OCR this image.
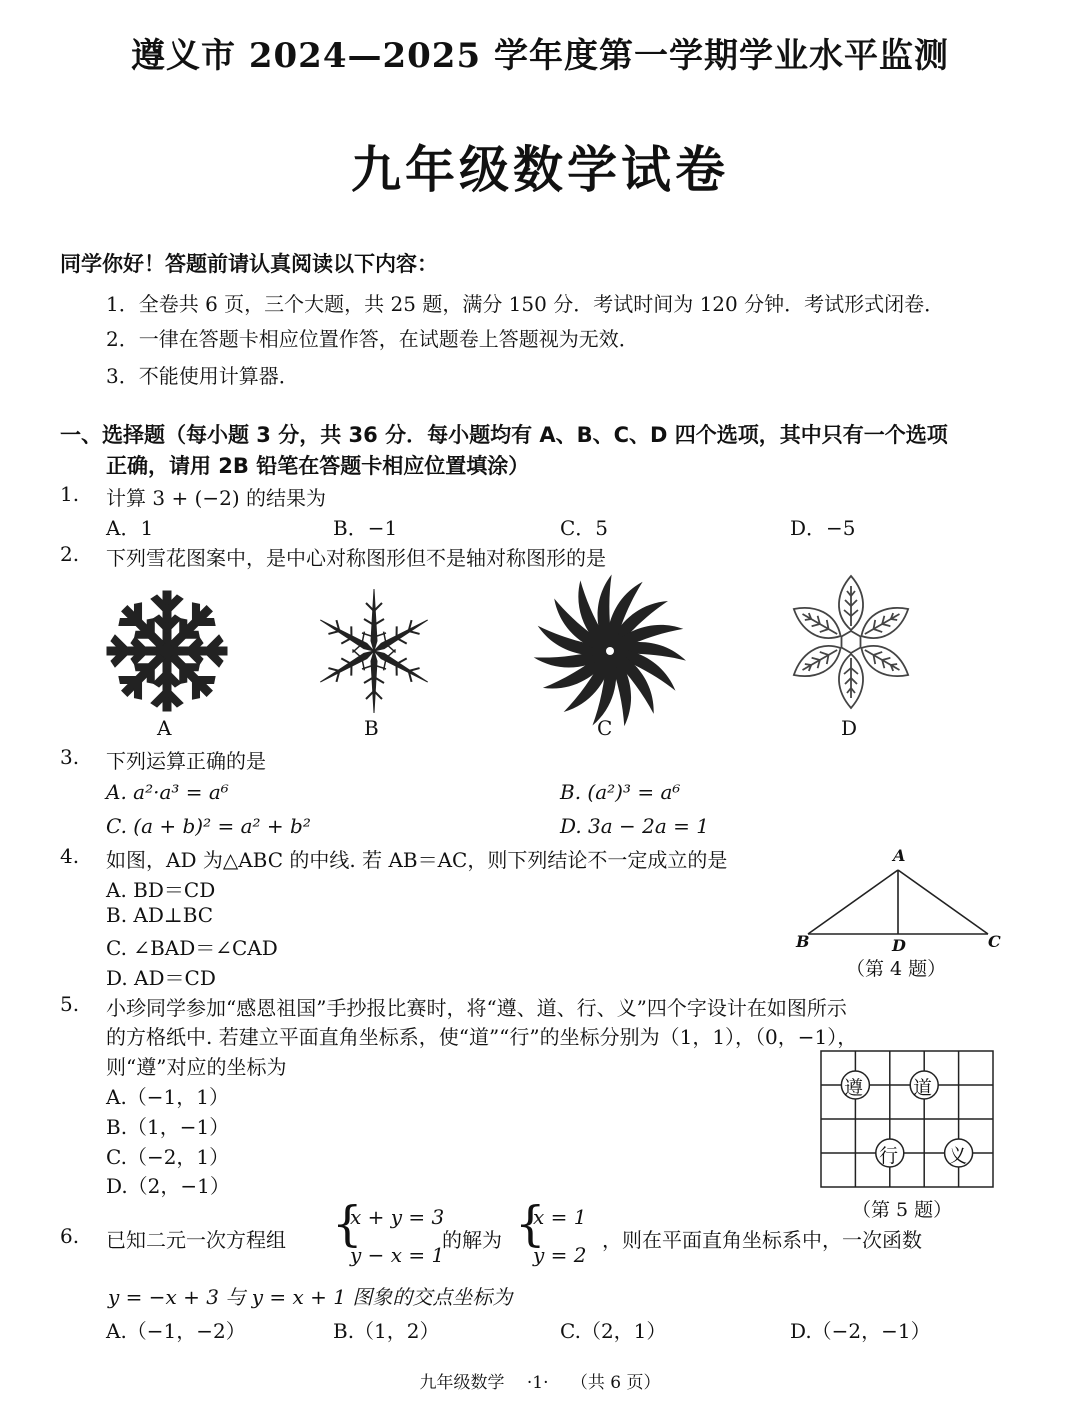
遵义市 2024—2025 学年度第一学期学业水平监测
九年级数学试卷
同学你好！答题前请认真阅读以下内容：
1．全卷共 6 页，三个大题，共 25 题，满分 150 分．考试时间为 120 分钟．考试形式闭卷．
2．一律在答题卡相应位置作答，在试题卷上答题视为无效．
3．不能使用计算器．
一、选择题（每小题 3 分，共 36 分．每小题均有 A、B、C、D 四个选项，其中只有一个选项
正确，请用 2B 铅笔在答题卡相应位置填涂）
1. 计算 3 + (−2) 的结果为
A．1	B．−1	C．5	D．−5
2. 下列雪花图案中，是中心对称图形但不是轴对称图形的是
A	B	C	D
3. 下列运算正确的是
A. a²·a³ = a⁶	B. (a²)³ = a⁶
C. (a + b)² = a² + b²	D. 3a − 2a = 1
4. 如图，AD 为△ABC 的中线. 若 AB＝AC，则下列结论不一定成立的是
A. BD＝CD
B. AD⊥BC
C. ∠BAD＝∠CAD
D. AD＝CD
A
B	D	C
（第 4 题）
5. 小珍同学参加“感恩祖国”手抄报比赛时，将“遵、道、行、义”四个字设计在如图所示
的方格纸中. 若建立平面直角坐标系，使“道”“行”的坐标分别为（1，1），（0，−1），
则“遵”对应的坐标为
A.（−1，1）
B.（1，−1）
C.（−2，1）
D.（2，−1）
遵	道
行	义
（第 5 题）
6. 已知二元一次方程组 {
x + y = 3
y − x = 1
的解为 {
x = 1
y = 2
，则在平面直角坐标系中，一次函数
y = −x + 3 与 y = x + 1 图象的交点坐标为
A.（−1，−2）	B.（1，2）	C.（2，1）	D.（−2，−1）
九年级数学　 ·1·　 （共 6 页）
